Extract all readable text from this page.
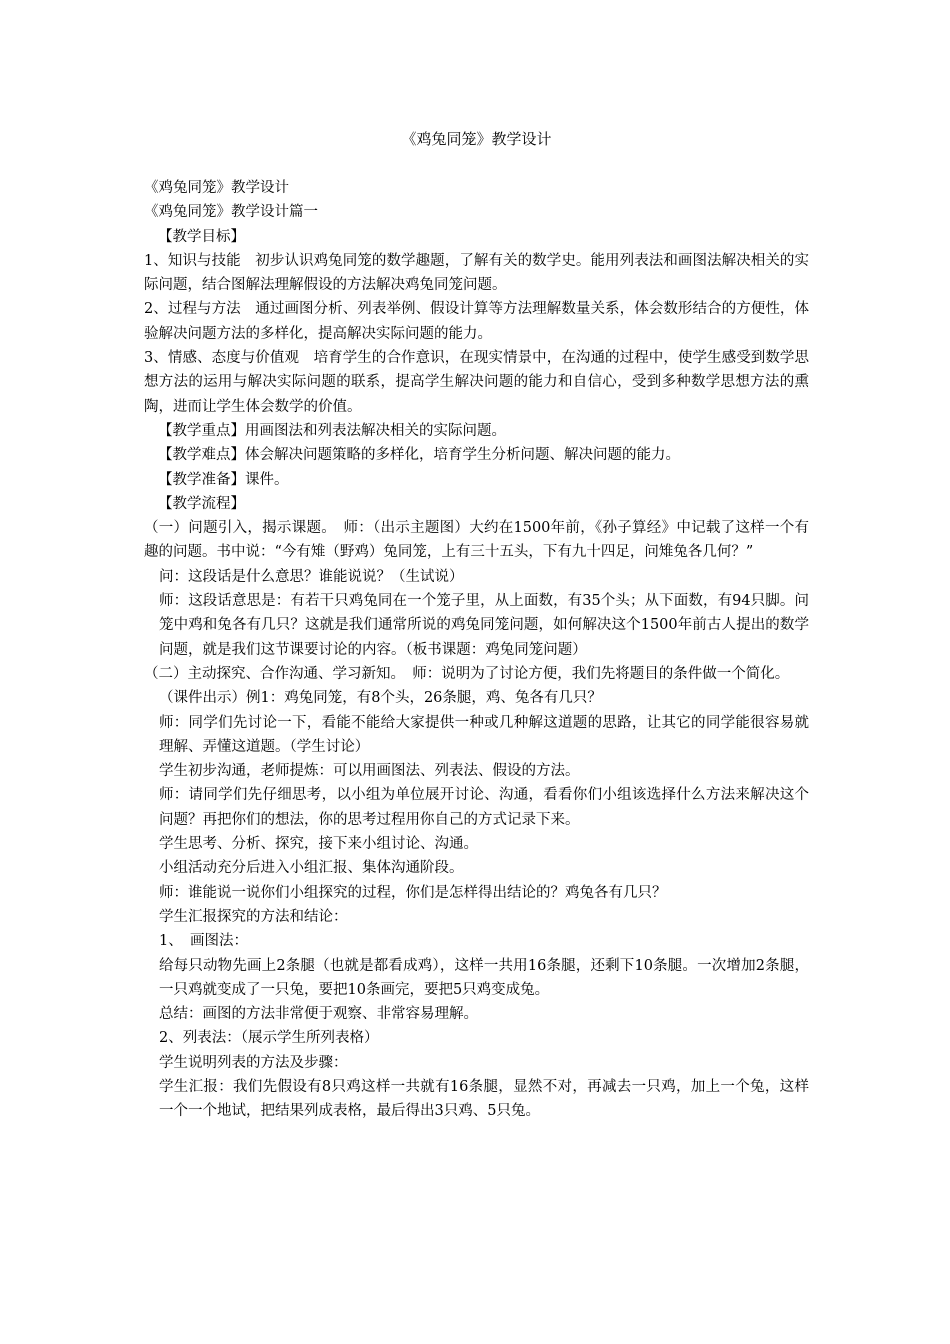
《鸡兔同笼》教学设计

《鸡兔同笼》教学设计

《鸡兔同笼》教学设计篇一

【教学目标】

1、知识与技能　初步认识鸡兔同笼的数学趣题，了解有关的数学史。能用列表法和画图法解决相关的实际问题，结合图解法理解假设的方法解决鸡兔同笼问题。

2、过程与方法　通过画图分析、列表举例、假设计算等方法理解数量关系，体会数形结合的方便性，体验解决问题方法的多样化，提高解决实际问题的能力。

3、情感、态度与价值观　培育学生的合作意识，在现实情景中，在沟通的过程中，使学生感受到数学思想方法的运用与解决实际问题的联系，提高学生解决问题的能力和自信心，受到多种数学思想方法的熏陶，进而让学生体会数学的价值。

【教学重点】用画图法和列表法解决相关的实际问题。

【教学难点】体会解决问题策略的多样化，培育学生分析问题、解决问题的能力。

【教学准备】课件。

【教学流程】

（一）问题引入，揭示课题。　师：（出示主题图）大约在1500年前，《孙子算经》中记载了这样一个有趣的问题。书中说：“今有雉（野鸡）兔同笼，上有三十五头，下有九十四足，问雉兔各几何？”

问：这段话是什么意思？谁能说说？（生试说）

师：这段话意思是：有若干只鸡兔同在一个笼子里，从上面数，有35个头；从下面数，有94只脚。问笼中鸡和兔各有几只？这就是我们通常所说的鸡兔同笼问题，如何解决这个1500年前古人提出的数学问题，就是我们这节课要讨论的内容。（板书课题：鸡兔同笼问题）

（二）主动探究、合作沟通、学习新知。　师：说明为了讨论方便，我们先将题目的条件做一个简化。

（课件出示）例1：鸡兔同笼，有8个头，26条腿，鸡、兔各有几只？

师：同学们先讨论一下，看能不能给大家提供一种或几种解这道题的思路，让其它的同学能很容易就理解、弄懂这道题。（学生讨论）

学生初步沟通，老师提炼：可以用画图法、列表法、假设的方法。

师：请同学们先仔细思考，以小组为单位展开讨论、沟通，看看你们小组该选择什么方法来解决这个问题？再把你们的想法，你的思考过程用你自己的方式记录下来。

学生思考、分析、探究，接下来小组讨论、沟通。

小组活动充分后进入小组汇报、集体沟通阶段。

师：谁能说一说你们小组探究的过程，你们是怎样得出结论的？鸡兔各有几只？

学生汇报探究的方法和结论：

1、　画图法：

给每只动物先画上2条腿（也就是都看成鸡），这样一共用16条腿，还剩下10条腿。一次增加2条腿，一只鸡就变成了一只兔，要把10条画完，要把5只鸡变成兔。

总结：画图的方法非常便于观察、非常容易理解。

2、列表法：（展示学生所列表格）

学生说明列表的方法及步骤：

学生汇报：我们先假设有8只鸡这样一共就有16条腿，显然不对，再减去一只鸡，加上一个兔，这样一个一个地试，把结果列成表格，最后得出3只鸡、5只兔。
